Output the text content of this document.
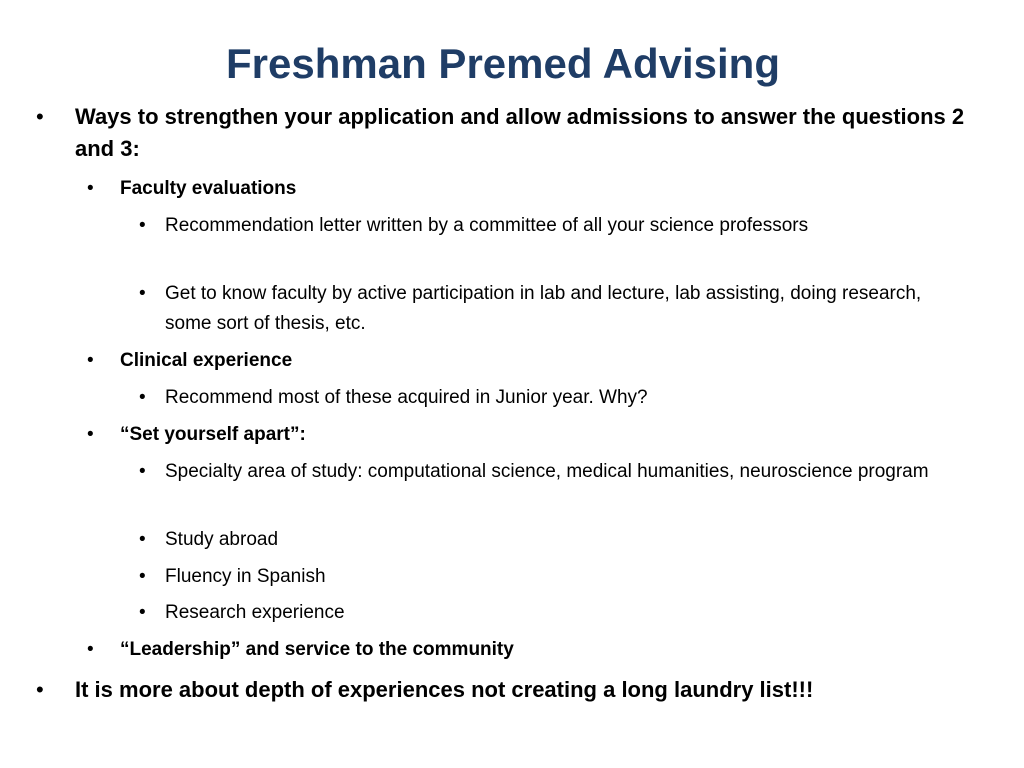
Freshman Premed Advising
• Ways to strengthen your application and allow admissions to answer the questions 2 and 3:
• Faculty evaluations
• Recommendation letter written by a committee of all your science professors
• Get to know faculty by active participation in lab and lecture, lab assisting, doing research, some sort of thesis, etc.
• Clinical experience
• Recommend most of these acquired in Junior year. Why?
• “Set yourself apart”:
• Specialty area of study: computational science, medical humanities, neuroscience program
• Study abroad
• Fluency in Spanish
• Research experience
• “Leadership” and service to the community
• It is more about depth of experiences not creating a long laundry list!!!
